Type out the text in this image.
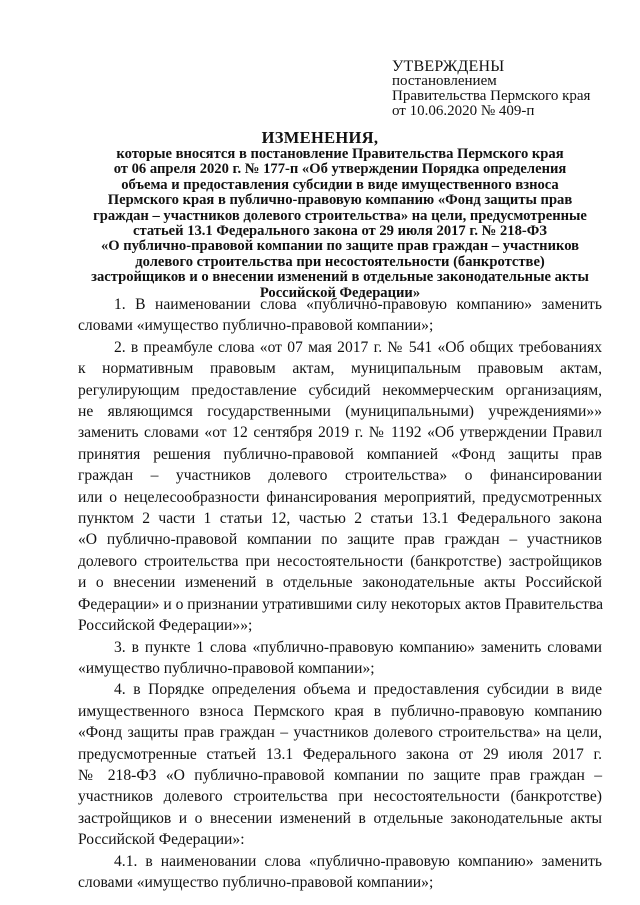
УТВЕРЖДЕНЫ
постановлением
Правительства Пермского края
от 10.06.2020 № 409-п
ИЗМЕНЕНИЯ,
которые вносятся в постановление Правительства Пермского края
от 06 апреля 2020 г. № 177-п «Об утверждении Порядка определения
объема и предоставления субсидии в виде имущественного взноса
Пермского края в публично-правовую компанию «Фонд защиты прав
граждан – участников долевого строительства» на цели, предусмотренные
статьей 13.1 Федерального закона от 29 июля 2017 г. № 218-ФЗ
«О публично-правовой компании по защите прав граждан – участников
долевого строительства при несостоятельности (банкротстве)
застройщиков и о внесении изменений в отдельные законодательные акты
Российской Федерации»
1. В наименовании слова «публично-правовую компанию» заменить
словами «имущество публично-правовой компании»;
2. в преамбуле слова «от 07 мая 2017 г. № 541 «Об общих требованиях
к нормативным правовым актам, муниципальным правовым актам,
регулирующим предоставление субсидий некоммерческим организациям,
не являющимся государственными (муниципальными) учреждениями»»
заменить словами «от 12 сентября 2019 г. № 1192 «Об утверждении Правил
принятия решения публично-правовой компанией «Фонд защиты прав
граждан – участников долевого строительства» о финансировании
или о нецелесообразности финансирования мероприятий, предусмотренных
пунктом 2 части 1 статьи 12, частью 2 статьи 13.1 Федерального закона
«О публично-правовой компании по защите прав граждан – участников
долевого строительства при несостоятельности (банкротстве) застройщиков
и о внесении изменений в отдельные законодательные акты Российской
Федерации» и о признании утратившими силу некоторых актов Правительства
Российской Федерации»»;
3. в пункте 1 слова «публично-правовую компанию» заменить словами
«имущество публично-правовой компании»;
4. в Порядке определения объема и предоставления субсидии в виде
имущественного взноса Пермского края в публично-правовую компанию
«Фонд защиты прав граждан – участников долевого строительства» на цели,
предусмотренные статьей 13.1 Федерального закона от 29 июля 2017 г.
№ 218-ФЗ «О публично-правовой компании по защите прав граждан –
участников долевого строительства при несостоятельности (банкротстве)
застройщиков и о внесении изменений в отдельные законодательные акты
Российской Федерации»:
4.1. в наименовании слова «публично-правовую компанию» заменить
словами «имущество публично-правовой компании»;
